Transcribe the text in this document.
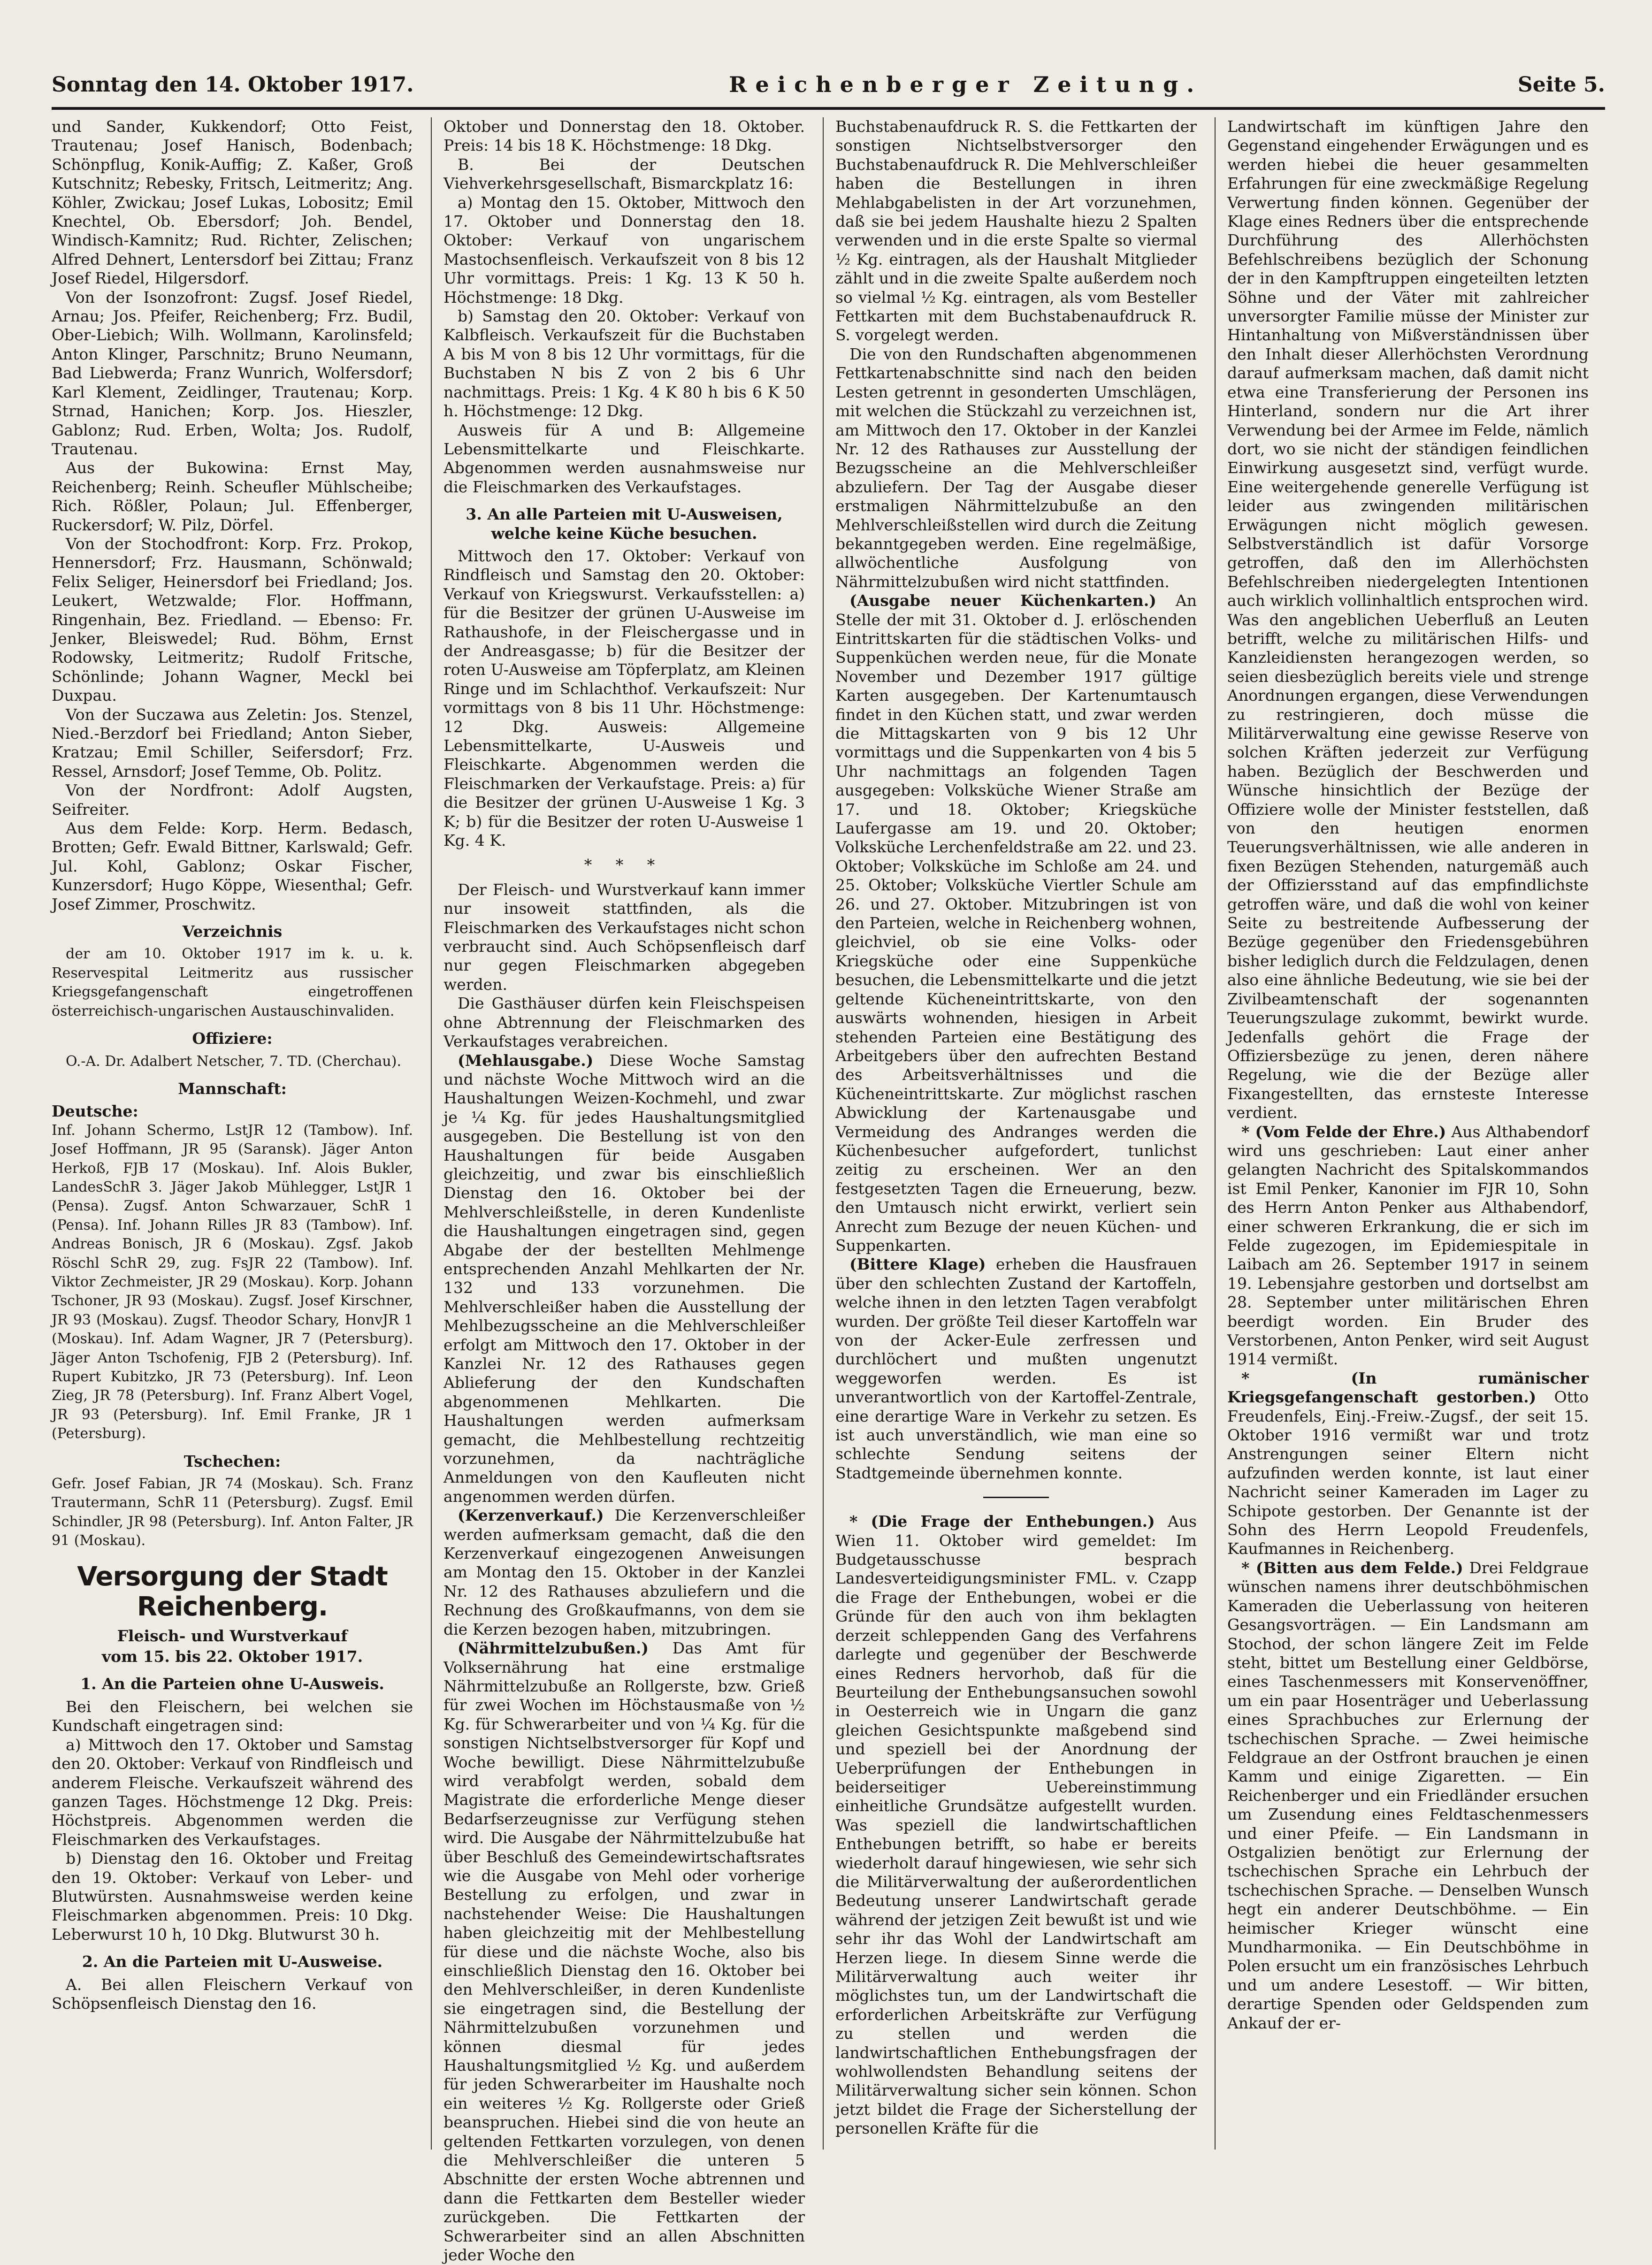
Sonntag den 14. Oktober 1917.	Reichenberger Zeitung.	Seite 5.

und Sander, Kukkendorf; Otto Feist, Trautenau; Josef Hanisch, Bodenbach; Schönpflug, Konik-Auffig; Z. Kaßer, Groß Kutschnitz; Rebesky, Fritsch, Leitmeritz; Ang. Köhler, Zwickau; Josef Lukas, Lobositz; Emil Knechtel, Ob. Ebersdorf; Joh. Bendel, Windisch-Kamnitz; Rud. Richter, Zelischen; Alfred Dehnert, Lentersdorf bei Zittau; Franz Josef Riedel, Hilgersdorf.

Von der Isonzofront: Zugsf. Josef Riedel, Arnau; Jos. Pfeifer, Reichenberg; Frz. Budil, Ober-Liebich; Wilh. Wollmann, Karolinsfeld; Anton Klinger, Parschnitz; Bruno Neumann, Bad Liebwerda; Franz Wunrich, Wolfersdorf; Karl Klement, Zeidlinger, Trautenau; Korp. Strnad, Hanichen; Korp. Jos. Hieszler, Gablonz; Rud. Erben, Wolta; Jos. Rudolf, Trautenau.

Aus der Bukowina: Ernst May, Reichenberg; Reinh. Scheufler Mühlscheibe; Rich. Rößler, Polaun; Jul. Effenberger, Ruckersdorf; W. Pilz, Dörfel.

Von der Stochodfront: Korp. Frz. Prokop, Hennersdorf; Frz. Hausmann, Schönwald; Felix Seliger, Heinersdorf bei Friedland; Jos. Leukert, Wetzwalde; Flor. Hoffmann, Ringenhain, Bez. Friedland. — Ebenso: Fr. Jenker, Bleiswedel; Rud. Böhm, Ernst Rodowsky, Leitmeritz; Rudolf Fritsche, Schönlinde; Johann Wagner, Meckl bei Duxpau.

Von der Suczawa aus Zeletin: Jos. Stenzel, Nied.-Berzdorf bei Friedland; Anton Sieber, Kratzau; Emil Schiller, Seifersdorf; Frz. Ressel, Arnsdorf; Josef Temme, Ob. Politz.

Von der Nordfront: Adolf Augsten, Seifreiter.

Aus dem Felde: Korp. Herm. Bedasch, Brotten; Gefr. Ewald Bittner, Karlswald; Gefr. Jul. Kohl, Gablonz; Oskar Fischer, Kunzersdorf; Hugo Köppe, Wiesenthal; Gefr. Josef Zimmer, Proschwitz.

Verzeichnis

der am 10. Oktober 1917 im k. u. k. Reservespital Leitmeritz aus russischer Kriegsgefangenschaft eingetroffenen österreichisch-ungarischen Austauschinvaliden.

Offiziere:

O.-A. Dr. Adalbert Netscher, 7. TD. (Cherchau).

Mannschaft:

Deutsche:

Inf. Johann Schermo, LstJR 12 (Tambow). Inf. Josef Hoffmann, JR 95 (Saransk). Jäger Anton Herkoß, FJB 17 (Moskau). Inf. Alois Bukler, LandesSchR 3. Jäger Jakob Mühlegger, LstJR 1 (Pensa). Zugsf. Anton Schwarzauer, SchR 1 (Pensa). Inf. Johann Rilles JR 83 (Tambow). Inf. Andreas Bonisch, JR 6 (Moskau). Zgsf. Jakob Röschl SchR 29, zug. FsJR 22 (Tambow). Inf. Viktor Zechmeister, JR 29 (Moskau). Korp. Johann Tschoner, JR 93 (Moskau). Zugsf. Josef Kirschner, JR 93 (Moskau). Zugsf. Theodor Schary, HonvJR 1 (Moskau). Inf. Adam Wagner, JR 7 (Petersburg). Jäger Anton Tschofenig, FJB 2 (Petersburg). Inf. Rupert Kubitzko, JR 73 (Petersburg). Inf. Leon Zieg, JR 78 (Petersburg). Inf. Franz Albert Vogel, JR 93 (Petersburg). Inf. Emil Franke, JR 1 (Petersburg).

Tschechen:

Gefr. Josef Fabian, JR 74 (Moskau). Sch. Franz Trautermann, SchR 11 (Petersburg). Zugsf. Emil Schindler, JR 98 (Petersburg). Inf. Anton Falter, JR 91 (Moskau).

Versorgung der Stadt Reichenberg.
Fleisch- und Wurstverkauf
vom 15. bis 22. Oktober 1917.
1. An die Parteien ohne U-Ausweis.

Bei den Fleischern, bei welchen sie Kundschaft eingetragen sind:

a) Mittwoch den 17. Oktober und Samstag den 20. Oktober: Verkauf von Rindfleisch und anderem Fleische. Verkaufszeit während des ganzen Tages. Höchstmenge 12 Dkg. Preis: Höchstpreis. Abgenommen werden die Fleischmarken des Verkaufstages.

b) Dienstag den 16. Oktober und Freitag den 19. Oktober: Verkauf von Leber- und Blutwürsten. Ausnahmsweise werden keine Fleischmarken abgenommen. Preis: 10 Dkg. Leberwurst 10 h, 10 Dkg. Blutwurst 30 h.

2. An die Parteien mit U-Ausweise.

A. Bei allen Fleischern Verkauf von Schöpsenfleisch Dienstag den 16.

Oktober und Donnerstag den 18. Oktober. Preis: 14 bis 18 K. Höchstmenge: 18 Dkg.

B. Bei der Deutschen Viehverkehrsgesellschaft, Bismarckplatz 16:

a) Montag den 15. Oktober, Mittwoch den 17. Oktober und Donnerstag den 18. Oktober: Verkauf von ungarischem Mastochsenfleisch. Verkaufszeit von 8 bis 12 Uhr vormittags. Preis: 1 Kg. 13 K 50 h. Höchstmenge: 18 Dkg.

b) Samstag den 20. Oktober: Verkauf von Kalbfleisch. Verkaufszeit für die Buchstaben A bis M von 8 bis 12 Uhr vormittags, für die Buchstaben N bis Z von 2 bis 6 Uhr nachmittags. Preis: 1 Kg. 4 K 80 h bis 6 K 50 h. Höchstmenge: 12 Dkg.

Ausweis für A und B: Allgemeine Lebensmittelkarte und Fleischkarte. Abgenommen werden ausnahmsweise nur die Fleischmarken des Verkaufstages.

3. An alle Parteien mit U-Ausweisen, welche keine Küche besuchen.

Mittwoch den 17. Oktober: Verkauf von Rindfleisch und Samstag den 20. Oktober: Verkauf von Kriegswurst. Verkaufsstellen: a) für die Besitzer der grünen U-Ausweise im Rathaushofe, in der Fleischergasse und in der Andreasgasse; b) für die Besitzer der roten U-Ausweise am Töpferplatz, am Kleinen Ringe und im Schlachthof. Verkaufszeit: Nur vormittags von 8 bis 11 Uhr. Höchstmenge: 12 Dkg. Ausweis: Allgemeine Lebensmittelkarte, U-Ausweis und Fleischkarte. Abgenommen werden die Fleischmarken der Verkaufstage. Preis: a) für die Besitzer der grünen U-Ausweise 1 Kg. 3 K; b) für die Besitzer der roten U-Ausweise 1 Kg. 4 K.

* * *

Der Fleisch- und Wurstverkauf kann immer nur insoweit stattfinden, als die Fleischmarken des Verkaufstages nicht schon verbraucht sind. Auch Schöpsenfleisch darf nur gegen Fleischmarken abgegeben werden.

Die Gasthäuser dürfen kein Fleischspeisen ohne Abtrennung der Fleischmarken des Verkaufstages verabreichen.

(Mehlausgabe.) Diese Woche Samstag und nächste Woche Mittwoch wird an die Haushaltungen Weizen-Kochmehl, und zwar je ¼ Kg. für jedes Haushaltungsmitglied ausgegeben. Die Bestellung ist von den Haushaltungen für beide Ausgaben gleichzeitig, und zwar bis einschließlich Dienstag den 16. Oktober bei der Mehlverschleißstelle, in deren Kundenliste die Haushaltungen eingetragen sind, gegen Abgabe der der bestellten Mehlmenge entsprechenden Anzahl Mehlkarten der Nr. 132 und 133 vorzunehmen. Die Mehlverschleißer haben die Ausstellung der Mehlbezugsscheine an die Mehlverschleißer erfolgt am Mittwoch den 17. Oktober in der Kanzlei Nr. 12 des Rathauses gegen Ablieferung der den Kundschaften abgenommenen Mehlkarten. Die Haushaltungen werden aufmerksam gemacht, die Mehlbestellung rechtzeitig vorzunehmen, da nachträgliche Anmeldungen von den Kaufleuten nicht angenommen werden dürfen.

(Kerzenverkauf.) Die Kerzenverschleißer werden aufmerksam gemacht, daß die den Kerzenverkauf eingezogenen Anweisungen am Montag den 15. Oktober in der Kanzlei Nr. 12 des Rathauses abzuliefern und die Rechnung des Großkaufmanns, von dem sie die Kerzen bezogen haben, mitzubringen.

(Nährmittelzubußen.) Das Amt für Volksernährung hat eine erstmalige Nährmittelzubuße an Rollgerste, bzw. Grieß für zwei Wochen im Höchstausmaße von ½ Kg. für Schwerarbeiter und von ¼ Kg. für die sonstigen Nichtselbstversorger für Kopf und Woche bewilligt. Diese Nährmittelzubuße wird verabfolgt werden, sobald dem Magistrate die erforderliche Menge dieser Bedarfserzeugnisse zur Verfügung stehen wird. Die Ausgabe der Nährmittelzubuße hat über Beschluß des Gemeindewirtschaftsrates wie die Ausgabe von Mehl oder vorherige Bestellung zu erfolgen, und zwar in nachstehender Weise: Die Haushaltungen haben gleichzeitig mit der Mehlbestellung für diese und die nächste Woche, also bis einschließlich Dienstag den 16. Oktober bei den Mehlverschleißer, in deren Kundenliste sie eingetragen sind, die Bestellung der Nährmittelzubußen vorzunehmen und können diesmal für jedes Haushaltungsmitglied ½ Kg. und außerdem für jeden Schwerarbeiter im Haushalte noch ein weiteres ½ Kg. Rollgerste oder Grieß beanspruchen. Hiebei sind die von heute an geltenden Fettkarten vorzulegen, von denen die Mehlverschleißer die unteren 5 Abschnitte der ersten Woche abtrennen und dann die Fettkarten dem Besteller wieder zurückgeben. Die Fettkarten der Schwerarbeiter sind an allen Abschnitten jeder Woche den

Buchstabenaufdruck R. S. die Fettkarten der sonstigen Nichtselbstversorger den Buchstabenaufdruck R. Die Mehlverschleißer haben die Bestellungen in ihren Mehlabgabelisten in der Art vorzunehmen, daß sie bei jedem Haushalte hiezu 2 Spalten verwenden und in die erste Spalte so viermal ½ Kg. eintragen, als der Haushalt Mitglieder zählt und in die zweite Spalte außerdem noch so vielmal ½ Kg. eintragen, als vom Besteller Fettkarten mit dem Buchstabenaufdruck R. S. vorgelegt werden.

Die von den Rundschaften abgenommenen Fettkartenabschnitte sind nach den beiden Lesten getrennt in gesonderten Umschlägen, mit welchen die Stückzahl zu verzeichnen ist, am Mittwoch den 17. Oktober in der Kanzlei Nr. 12 des Rathauses zur Ausstellung der Bezugsscheine an die Mehlverschleißer abzuliefern. Der Tag der Ausgabe dieser erstmaligen Nährmittelzubuße an den Mehlverschleißstellen wird durch die Zeitung bekanntgegeben werden. Eine regelmäßige, allwöchentliche Ausfolgung von Nährmittelzubußen wird nicht stattfinden.

(Ausgabe neuer Küchenkarten.) An Stelle der mit 31. Oktober d. J. erlöschenden Eintrittskarten für die städtischen Volks- und Suppenküchen werden neue, für die Monate November und Dezember 1917 gültige Karten ausgegeben. Der Kartenumtausch findet in den Küchen statt, und zwar werden die Mittagskarten von 9 bis 12 Uhr vormittags und die Suppenkarten von 4 bis 5 Uhr nachmittags an folgenden Tagen ausgegeben: Volksküche Wiener Straße am 17. und 18. Oktober; Kriegsküche Laufergasse am 19. und 20. Oktober; Volksküche Lerchenfeldstraße am 22. und 23. Oktober; Volksküche im Schloße am 24. und 25. Oktober; Volksküche Viertler Schule am 26. und 27. Oktober. Mitzubringen ist von den Parteien, welche in Reichenberg wohnen, gleichviel, ob sie eine Volks- oder Kriegsküche oder eine Suppenküche besuchen, die Lebensmittelkarte und die jetzt geltende Kücheneintrittskarte, von den auswärts wohnenden, hiesigen in Arbeit stehenden Parteien eine Bestätigung des Arbeitgebers über den aufrechten Bestand des Arbeitsverhältnisses und die Kücheneintrittskarte. Zur möglichst raschen Abwicklung der Kartenausgabe und Vermeidung des Andranges werden die Küchenbesucher aufgefordert, tunlichst zeitig zu erscheinen. Wer an den festgesetzten Tagen die Erneuerung, bezw. den Umtausch nicht erwirkt, verliert sein Anrecht zum Bezuge der neuen Küchen- und Suppenkarten.

(Bittere Klage) erheben die Hausfrauen über den schlechten Zustand der Kartoffeln, welche ihnen in den letzten Tagen verabfolgt wurden. Der größte Teil dieser Kartoffeln war von der Acker-Eule zerfressen und durchlöchert und mußten ungenutzt weggeworfen werden. Es ist unverantwortlich von der Kartoffel-Zentrale, eine derartige Ware in Verkehr zu setzen. Es ist auch unverständlich, wie man eine so schlechte Sendung seitens der Stadtgemeinde übernehmen konnte.

* (Die Frage der Enthebungen.) Aus Wien 11. Oktober wird gemeldet: Im Budgetausschusse besprach Landesverteidigungsminister FML. v. Czapp die Frage der Enthebungen, wobei er die Gründe für den auch von ihm beklagten derzeit schleppenden Gang des Verfahrens darlegte und gegenüber der Beschwerde eines Redners hervorhob, daß für die Beurteilung der Enthebungsansuchen sowohl in Oesterreich wie in Ungarn die ganz gleichen Gesichtspunkte maßgebend sind und speziell bei der Anordnung der Ueberprüfungen der Enthebungen in beiderseitiger Uebereinstimmung einheitliche Grundsätze aufgestellt wurden. Was speziell die landwirtschaftlichen Enthebungen betrifft, so habe er bereits wiederholt darauf hingewiesen, wie sehr sich die Militärverwaltung der außerordentlichen Bedeutung unserer Landwirtschaft gerade während der jetzigen Zeit bewußt ist und wie sehr ihr das Wohl der Landwirtschaft am Herzen liege. In diesem Sinne werde die Militärverwaltung auch weiter ihr möglichstes tun, um der Landwirtschaft die erforderlichen Arbeitskräfte zur Verfügung zu stellen und werden die landwirtschaftlichen Enthebungsfragen der wohlwollendsten Behandlung seitens der Militärverwaltung sicher sein können. Schon jetzt bildet die Frage der Sicherstellung der personellen Kräfte für die

Landwirtschaft im künftigen Jahre den Gegenstand eingehender Erwägungen und es werden hiebei die heuer gesammelten Erfahrungen für eine zweckmäßige Regelung Verwertung finden können. Gegenüber der Klage eines Redners über die entsprechende Durchführung des Allerhöchsten Befehlschreibens bezüglich der Schonung der in den Kampftruppen eingeteilten letzten Söhne und der Väter mit zahlreicher unversorgter Familie müsse der Minister zur Hintanhaltung von Mißverständnissen über den Inhalt dieser Allerhöchsten Verordnung darauf aufmerksam machen, daß damit nicht etwa eine Transferierung der Personen ins Hinterland, sondern nur die Art ihrer Verwendung bei der Armee im Felde, nämlich dort, wo sie nicht der ständigen feindlichen Einwirkung ausgesetzt sind, verfügt wurde. Eine weitergehende generelle Verfügung ist leider aus zwingenden militärischen Erwägungen nicht möglich gewesen. Selbstverständlich ist dafür Vorsorge getroffen, daß den im Allerhöchsten Befehlschreiben niedergelegten Intentionen auch wirklich vollinhaltlich entsprochen wird. Was den angeblichen Ueberfluß an Leuten betrifft, welche zu militärischen Hilfs- und Kanzleidiensten herangezogen werden, so seien diesbezüglich bereits viele und strenge Anordnungen ergangen, diese Verwendungen zu restringieren, doch müsse die Militärverwaltung eine gewisse Reserve von solchen Kräften jederzeit zur Verfügung haben. Bezüglich der Beschwerden und Wünsche hinsichtlich der Bezüge der Offiziere wolle der Minister feststellen, daß von den heutigen enormen Teuerungsverhältnissen, wie alle anderen in fixen Bezügen Stehenden, naturgemäß auch der Offiziersstand auf das empfindlichste getroffen wäre, und daß die wohl von keiner Seite zu bestreitende Aufbesserung der Bezüge gegenüber den Friedensgebühren bisher lediglich durch die Feldzulagen, denen also eine ähnliche Bedeutung, wie sie bei der Zivilbeamtenschaft der sogenannten Teuerungszulage zukommt, bewirkt wurde. Jedenfalls gehört die Frage der Offiziersbezüge zu jenen, deren nähere Regelung, wie die der Bezüge aller Fixangestellten, das ernsteste Interesse verdient.

* (Vom Felde der Ehre.) Aus Althabendorf wird uns geschrieben: Laut einer anher gelangten Nachricht des Spitalskommandos ist Emil Penker, Kanonier im FJR 10, Sohn des Herrn Anton Penker aus Althabendorf, einer schweren Erkrankung, die er sich im Felde zugezogen, im Epidemiespitale in Laibach am 26. September 1917 in seinem 19. Lebensjahre gestorben und dortselbst am 28. September unter militärischen Ehren beerdigt worden. Ein Bruder des Verstorbenen, Anton Penker, wird seit August 1914 vermißt.

* (In rumänischer Kriegsgefangenschaft gestorben.) Otto Freudenfels, Einj.-Freiw.-Zugsf., der seit 15. Oktober 1916 vermißt war und trotz Anstrengungen seiner Eltern nicht aufzufinden werden konnte, ist laut einer Nachricht seiner Kameraden im Lager zu Schipote gestorben. Der Genannte ist der Sohn des Herrn Leopold Freudenfels, Kaufmannes in Reichenberg.

* (Bitten aus dem Felde.) Drei Feldgraue wünschen namens ihrer deutschböhmischen Kameraden die Ueberlassung von heiteren Gesangsvorträgen. — Ein Landsmann am Stochod, der schon längere Zeit im Felde steht, bittet um Bestellung einer Geldbörse, eines Taschenmessers mit Konservenöffner, um ein paar Hosenträger und Ueberlassung eines Sprachbuches zur Erlernung der tschechischen Sprache. — Zwei heimische Feldgraue an der Ostfront brauchen je einen Kamm und einige Zigaretten. — Ein Reichenberger und ein Friedländer ersuchen um Zusendung eines Feldtaschenmessers und einer Pfeife. — Ein Landsmann in Ostgalizien benötigt zur Erlernung der tschechischen Sprache ein Lehrbuch der tschechischen Sprache. — Denselben Wunsch hegt ein anderer Deutschböhme. — Ein heimischer Krieger wünscht eine Mundharmonika. — Ein Deutschböhme in Polen ersucht um ein französisches Lehrbuch und um andere Lesestoff. — Wir bitten, derartige Spenden oder Geldspenden zum Ankauf der er-
